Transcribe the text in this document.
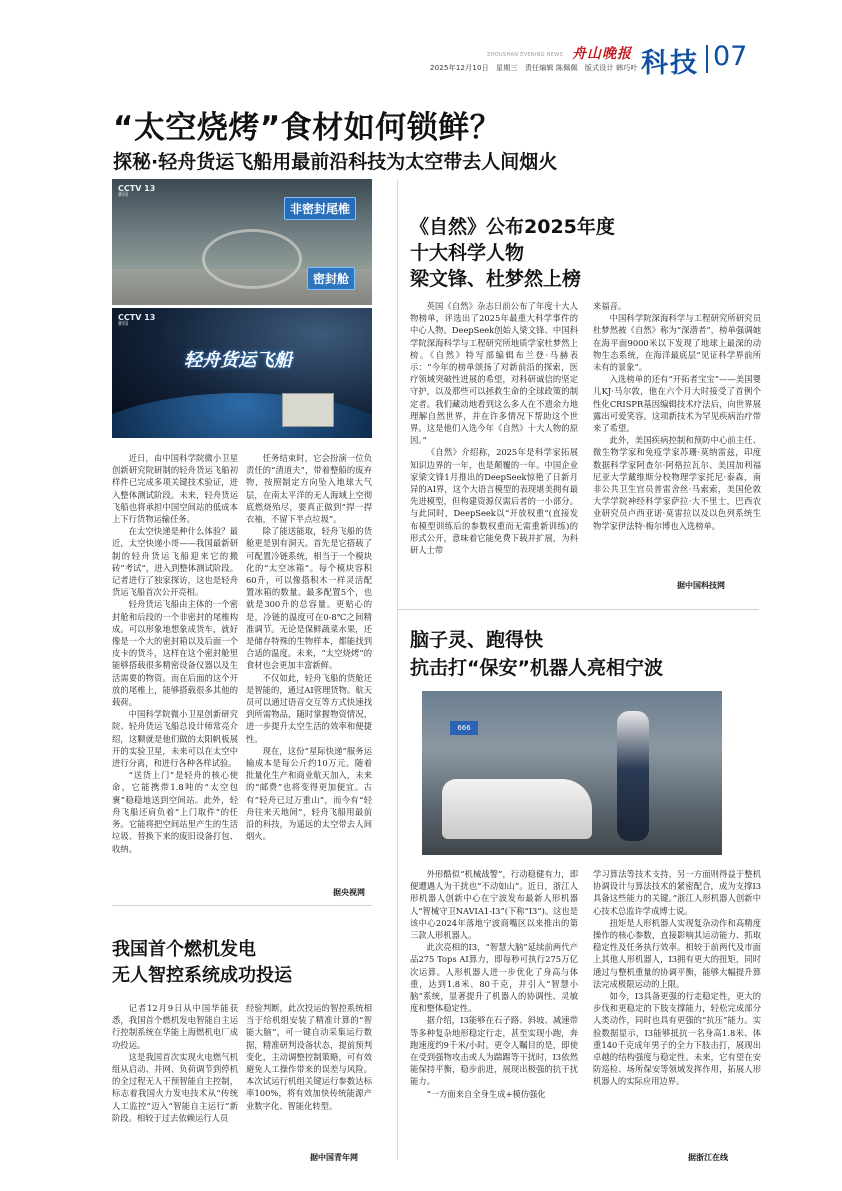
ZHOUSHAN EVENING NEWS 舟山晚报
2025年12月10日　星期三　责任编辑 陈佩佩　版式设计 韩巧叶 科技 07
“太空烧烤”食材如何锁鲜？
探秘·轻舟货运飞船用最前沿科技为太空带去人间烟火
CCTV 13
新闻
非密封尾椎
密封舱
CCTV 13
新闻
轻舟货运飞船

近日，由中国科学院微小卫星创新研究院研制的轻舟货运飞船初样件已完成多项关键技术验证，进入整体测试阶段。未来，轻舟货运飞船也将承担中国空间站的低成本上下行货物运输任务。

在太空快递是种什么体验？最近，太空快递小哥——我国最新研制的轻舟货运飞船迎来它的搬砖”考试”，进入到整体测试阶段。记者进行了独家探访，这也是轻舟货运飞船首次公开亮相。

轻舟货运飞船由主体的一个密封舱和后段的一个非密封的尾椎构成。可以形象地想象成货车，就好像是一个大的密封箱以及后面一个皮卡的货斗，这样在这个密封舱里能够搭载很多精密设备仪器以及生活需要的物资。而在后面的这个开放的尾椎上，能够搭载很多其他的载荷。

中国科学院微小卫星创新研究院、轻舟货运飞船总设计师常亮介绍，这颗就是他们做的太阳帆板展开的实验卫星，未来可以在太空中进行分离，和进行各种各样试验。

“送货上门”是轻舟的核心使命，它能携带1.8吨的“太空包裹”稳稳地送到空间站。此外，轻舟飞船还肩负着“上门取件”的任务。它能将把空间站里产生的生活垃圾、替换下来的废旧设备打包、收纳。

任务结束时，它会扮演一位负责任的“清道夫”，带着整船的废弃物，按照制定方向坠入地球大气层，在南太平洋的无人海域上空彻底燃烧殆尽，要真正做到“捍一捍衣袖，不留下半点垃圾”。

除了能送能取，轻舟飞船的货舱更是别有洞天。首先是它搭载了可配置冷链系统，相当于一个模块化的“太空冰箱”。每个模块容积60升，可以像搭积木一样灵活配置冰箱的数量。最多配置5个，也就是300升的总容量。更贴心的是，冷链的温度可在0-8℃之间精准调节。无论是保鲜蔬菜水果，还是储存特殊的生物样本，都能找到合适的温度。未来，“太空烧烤”的食材也会更加丰富新鲜。

不仅如此，轻舟飞船的货舱还是智能的，通过AI管理货物。航天员可以通过语音交互等方式快速找到所需物品，随时掌握物资情况，进一步提升太空生活的效率和便捷性。

现在，这份“星际快递”服务运输成本是每公斤约10万元。随着批量化生产和商业航天加入，未来的“邮费”也将变得更加便宜。古有“轻舟已过万重山”，而今有“轻舟往来天地间”，轻舟飞船用最前沿的科技，为遥远的太空带去人间烟火。

据央视网
《自然》公布2025年度
十大科学人物
梁文锋、杜梦然上榜

英国《自然》杂志日前公布了年度十大人物榜单，评选出了2025年最重大科学事件的中心人物。DeepSeek创始人梁文锋、中国科学院深海科学与工程研究所地质学家杜梦然上榜。《自然》特写部编辑布兰登·马赫表示：“今年的榜单颂扬了对新前沿的探索，医疗领域突破性进展的希望，对科研诚信的坚定守护，以及那些可以拯救生命的全球政策的制定者。我们藏动地看到这么多人在不遗余力地理解自然世界，并在许多情况下帮助这个世界。这是他们入选今年《自然》十大人物的原因。”

《自然》介绍称，2025年是科学家拓展知识边界的一年，也是颠覆的一年。中国企业家梁文锋1月推出的DeepSeek惊艳了日新月异的AI界，这个大语言模型的表现堪美拥有最先进模型，但构建资源仅需后者的一小部分。与此同时，DeepSeek以“开放权重”(直接发布模型训练后的参数权重而无需重新训练)的形式公开，意味着它能免费下载并扩展，为科研人士带

来福音。

中国科学院深海科学与工程研究所研究员杜梦然被《自然》称为“深潜者”，榜单强调她在海平面9000米以下发现了地球上最深的动物生态系统，在海洋最底层“见证科学界前所未有的景象”。

入选榜单的还有“开拓者宝宝”——美国婴儿KJ·马尔敦，他在六个月大时接受了首例个性化CRISPR基因编辑技术疗法后，向世界展露出可爱笑容。这项新技术为罕见疾病治疗带来了希望。

此外，美国疾病控制和预防中心前主任、微生物学家和免疫学家苏珊·莫纳雷兹，印度数据科学家阿查尔·阿格拉瓦尔、美国加利福尼亚大学戴维斯分校物理学家托尼·泰森，南非公共卫生官员普雷舍丝·马索索，美国伦敦大学学院神经科学家萨拉·大不里士，巴西农业研究员卢西亚诺·莫雷拉以及以色列系统生物学家伊法特·梅尔博也入选榜单。

据中国科技网
脑子灵、跑得快
抗击打“保安”机器人亮相宁波
666

外形酷似“机械战警”，行动稳健有力，即便遭遇人为干扰也“不动如山”。近日，浙江人形机器人创新中心在宁波发布最新人形机器人“智械守卫NAVIA1-I3”(下称“I3”)。这也是该中心2024年落地宁波商嘴区以来推出的第三款人形机器人。

此次亮相的I3，“智慧大脑”延续前两代产品275 Tops AI算力，即每秒可执行275万亿次运算。人形机器人进一步优化了身高与体重，达到1.8米、80千克，并引入“智慧小脑”系统，显著提升了机器人的协调性、灵敏度和整体稳定性。

据介绍，I3能够在石子路、斜坡、减速带等多种复杂地形稳定行走，甚至实现小跑，奔跑速度约9千米/小时。更令人瞩目的是，即使在受到强物攻击或人为踹踢等干扰时，I3依然能保持平衡，稳步前进，展现出极强的抗干扰能力。

“一方面来自全身生成+模仿强化

学习算法等技术支持，另一方面则得益于整机协调设计与算法技术的紧密配合，成为支撑I3具备这些能力的关键。”浙江人形机器人创新中心技术总监许学成博士说。

扭矩是人形机器人实现复杂动作和高精度操作的核心参数，直接影响其运动能力、抓取稳定性及任务执行效率。相较于前两代及市面上其他人形机器人，I3拥有更大的扭矩，同时通过与整机重量的协调平衡，能够大幅提升算法完成极限运动的上限。

如今，I3具备更强的行走稳定性，更大的步伐和更稳定的下肢支撑能力，轻松完成部分人类动作，同时也具有更强的“抗压”能力。实验数据显示，I3能够抵抗一名身高1.8米、体重140千克成年男子的全力下肢击打，展现出卓越的结构强度与稳定性。未来，它有望在安防巡检、场所保安等领域发挥作用，拓展人形机器人的实际应用边界。

据浙江在线
我国首个燃机发电
无人智控系统成功投运

记者12月9日从中国华能获悉，我国首个燃机发电智能自主运行控制系统在华能上海燃机电厂成功投运。

这是我国首次实现火电燃气机组从启动、并网、负荷调节到停机的全过程无人干预智能自主控制，标志着我国火力发电技术从“传统人工监控”迈入“智能自主运行”新阶段。相较于过去依赖运行人员

经验判断，此次投运的智控系统相当于给机组安装了精准计算的“智能大脑”，可一键自动采集运行数据，精准研判设备状态，提前预判变化，主动调整控制策略，可有效避免人工操作带来的误差与风险。本次试运行机组关键运行参数达标率100%，将有效加快传统能源产业数字化、智能化转型。
据中国青年网
